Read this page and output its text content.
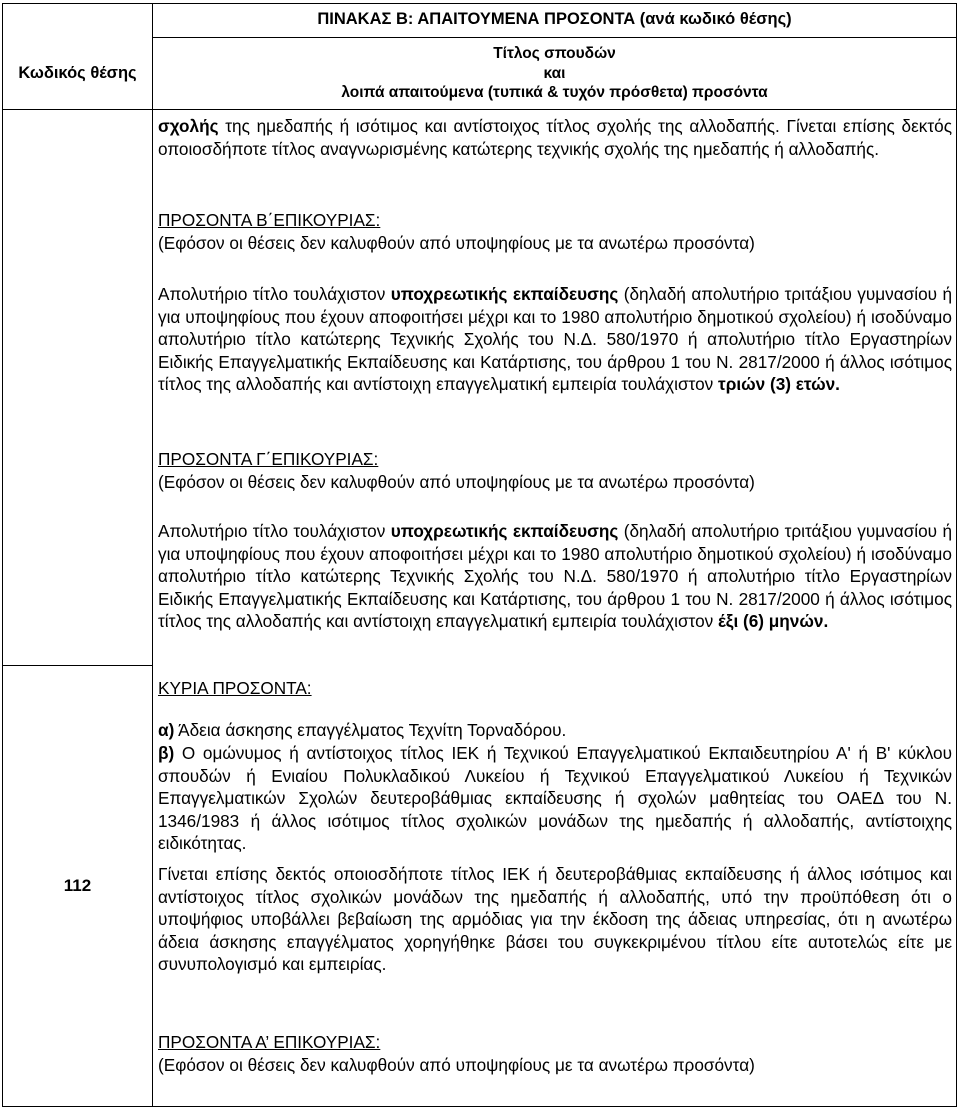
Κωδικός θέσης
ΠΙΝΑΚΑΣ Β: ΑΠΑΙΤΟΥΜΕΝΑ ΠΡΟΣΟΝΤΑ (ανά κωδικό θέσης)
Τίτλος σπουδών
και
λοιπά απαιτούμενα (τυπικά & τυχόν πρόσθετα) προσόντα
112

σχολής της ημεδαπής ή ισότιμος και αντίστοιχος τίτλος σχολής της αλλοδαπής. Γίνεται επίσης δεκτός οποιοσδήποτε τίτλος αναγνωρισμένης κατώτερης τεχνικής σχολής της ημεδαπής ή αλλοδαπής.

ΠΡΟΣΟΝΤΑ Β΄ΕΠΙΚΟΥΡΙΑΣ:
(Εφόσον οι θέσεις δεν καλυφθούν από υποψηφίους με τα ανωτέρω προσόντα)

Απολυτήριο τίτλο τουλάχιστον υποχρεωτικής εκπαίδευσης (δηλαδή απολυτήριο τριτάξιου γυμνασίου ή για υποψηφίους που έχουν αποφοιτήσει μέχρι και το 1980 απολυτήριο δημοτικού σχολείου) ή ισοδύναμο απολυτήριο τίτλο κατώτερης Τεχνικής Σχολής του Ν.Δ. 580/1970 ή απολυτήριο τίτλο Εργαστηρίων Ειδικής Επαγγελματικής Εκπαίδευσης και Κατάρτισης, του άρθρου 1 του Ν. 2817/2000 ή άλλος ισότιμος τίτλος της αλλοδαπής και αντίστοιχη επαγγελματική εμπειρία τουλάχιστον τριών (3) ετών.

ΠΡΟΣΟΝΤΑ Γ΄ΕΠΙΚΟΥΡΙΑΣ:
(Εφόσον οι θέσεις δεν καλυφθούν από υποψηφίους με τα ανωτέρω προσόντα)

Απολυτήριο τίτλο τουλάχιστον υποχρεωτικής εκπαίδευσης (δηλαδή απολυτήριο τριτάξιου γυμνασίου ή για υποψηφίους που έχουν αποφοιτήσει μέχρι και το 1980 απολυτήριο δημοτικού σχολείου) ή ισοδύναμο απολυτήριο τίτλο κατώτερης Τεχνικής Σχολής του Ν.Δ. 580/1970 ή απολυτήριο τίτλο Εργαστηρίων Ειδικής Επαγγελματικής Εκπαίδευσης και Κατάρτισης, του άρθρου 1 του Ν. 2817/2000 ή άλλος ισότιμος τίτλος της αλλοδαπής και αντίστοιχη επαγγελματική εμπειρία τουλάχιστον έξι (6) μηνών.

ΚΥΡΙΑ ΠΡΟΣΟΝΤΑ:

α) Άδεια άσκησης επαγγέλματος Τεχνίτη Τορναδόρου.

β) Ο ομώνυμος ή αντίστοιχος τίτλος ΙΕΚ ή Τεχνικού Επαγγελματικού Εκπαιδευτηρίου Α' ή Β' κύκλου σπουδών ή Ενιαίου Πολυκλαδικού Λυκείου ή Τεχνικού Επαγγελματικού Λυκείου ή Τεχνικών Επαγγελματικών Σχολών δευτεροβάθμιας εκπαίδευσης ή σχολών μαθητείας του ΟΑΕΔ του Ν. 1346/1983 ή άλλος ισότιμος τίτλος σχολικών μονάδων της ημεδαπής ή αλλοδαπής, αντίστοιχης ειδικότητας.

Γίνεται επίσης δεκτός οποιοσδήποτε τίτλος ΙΕΚ ή δευτεροβάθμιας εκπαίδευσης ή άλλος ισότιμος και αντίστοιχος τίτλος σχολικών μονάδων της ημεδαπής ή αλλοδαπής, υπό την προϋπόθεση ότι ο υποψήφιος υποβάλλει βεβαίωση της αρμόδιας για την έκδοση της άδειας υπηρεσίας, ότι η ανωτέρω άδεια άσκησης επαγγέλματος χορηγήθηκε βάσει του συγκεκριμένου τίτλου είτε αυτοτελώς είτε με συνυπολογισμό και εμπειρίας.

ΠΡΟΣΟΝΤΑ Α’ ΕΠΙΚΟΥΡΙΑΣ:
(Εφόσον οι θέσεις δεν καλυφθούν από υποψηφίους με τα ανωτέρω προσόντα)
